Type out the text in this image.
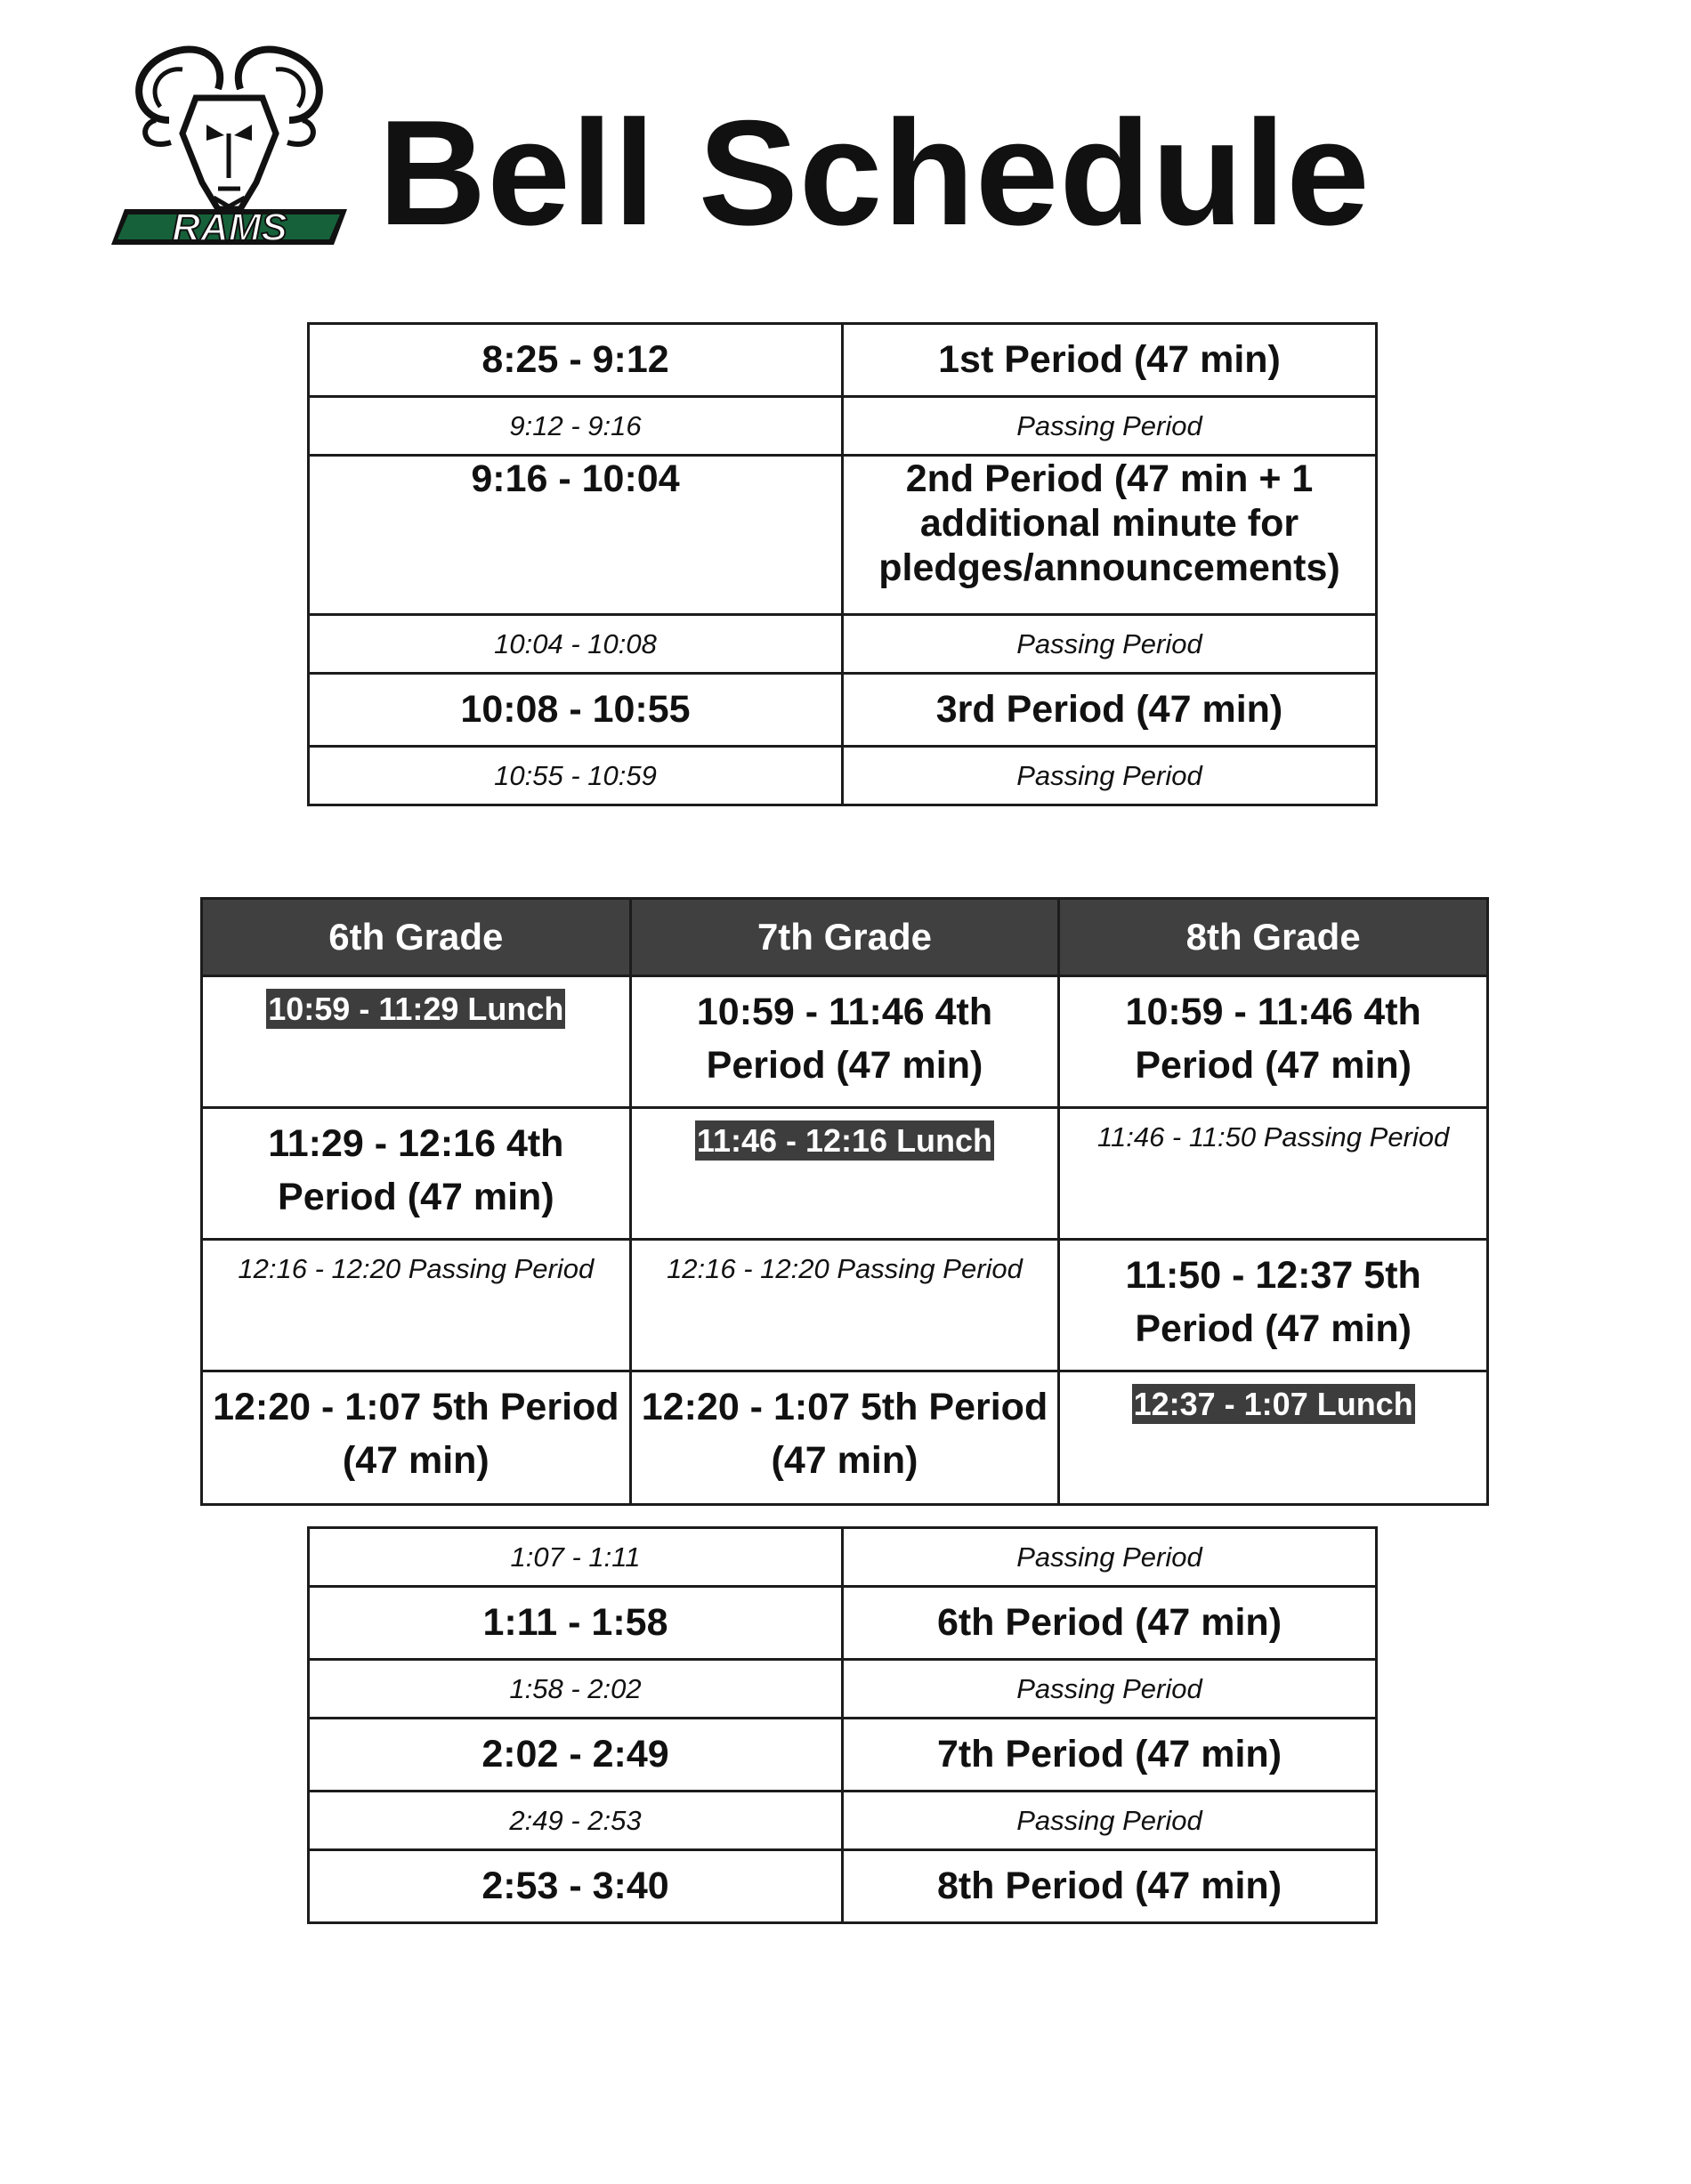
RAMS Bell Schedule
8:25 - 9:12	1st Period (47 min)
9:12 - 9:16	Passing Period
9:16 - 10:04	2nd Period (47 min + 1 additional minute for pledges/announcements)
10:04 - 10:08	Passing Period
10:08 - 10:55	3rd Period (47 min)
10:55 - 10:59	Passing Period
6th Grade	7th Grade	8th Grade
10:59 - 11:29 Lunch	10:59 - 11:46 4th Period (47 min)	10:59 - 11:46 4th Period (47 min)
11:29 - 12:16 4th Period (47 min)	11:46 - 12:16 Lunch	11:46 - 11:50 Passing Period

12:16 - 12:20 Passing Period	12:16 - 12:20 Passing Period	11:50 - 12:37 5th Period (47 min)
12:20 - 1:07 5th Period (47 min)	12:20 - 1:07 5th Period (47 min)	12:37 - 1:07 Lunch
1:07 - 1:11	Passing Period
1:11 - 1:58	6th Period (47 min)
1:58 - 2:02	Passing Period
2:02 - 2:49	7th Period (47 min)
2:49 - 2:53	Passing Period
2:53 - 3:40	8th Period (47 min)
